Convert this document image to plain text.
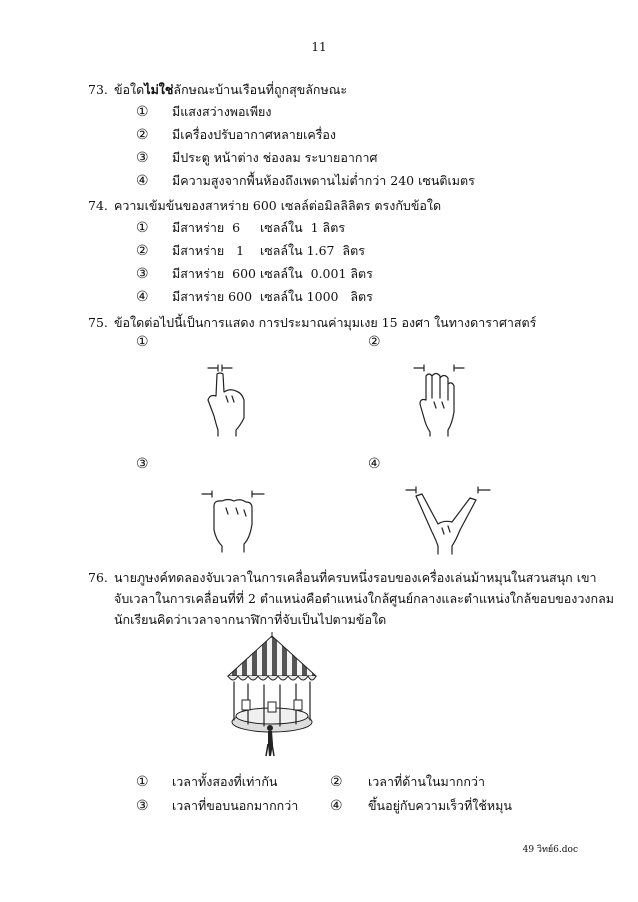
11
73. ข้อใดไม่ใช่ลักษณะบ้านเรือนที่ถูกสุขลักษณะ
① มีแสงสว่างพอเพียง
② มีเครื่องปรับอากาศหลายเครื่อง
③ มีประตู หน้าต่าง ช่องลม ระบายอากาศ
④ มีความสูงจากพื้นห้องถึงเพดานไม่ต่ำกว่า 240 เซนติเมตร
74. ความเข้มข้นของสาหร่าย 600 เซลล์ต่อมิลลิลิตร ตรงกับข้อใด
① มีสาหร่าย  6     เซลล์ใน  1 ลิตร
② มีสาหร่าย   1    เซลล์ใน 1.67  ลิตร
③ มีสาหร่าย  600 เซลล์ใน  0.001 ลิตร
④ มีสาหร่าย 600  เซลล์ใน 1000   ลิตร
75. ข้อใดต่อไปนี้เป็นการแสดง การประมาณค่ามุมเงย 15 องศา ในทางดาราศาสตร์
①	②
③	④
76. นายภูษงค์ทดลองจับเวลาในการเคลื่อนที่ครบหนึ่งรอบของเครื่องเล่นม้าหมุนในสวนสนุก เขา
จับเวลาในการเคลื่อนที่ที่ 2 ตำแหน่งคือตำแหน่งใกล้ศูนย์กลางและตำแหน่งใกล้ขอบของวงกลม
นักเรียนคิดว่าเวลาจากนาฬิกาที่จับเป็นไปตามข้อใด
① เวลาทั้งสองที่เท่ากัน	② เวลาที่ด้านในมากกว่า
③ เวลาที่ขอบนอกมากกว่า ④ ขึ้นอยู่กับความเร็วที่ใช้หมุน
49 วิทย์6.doc
